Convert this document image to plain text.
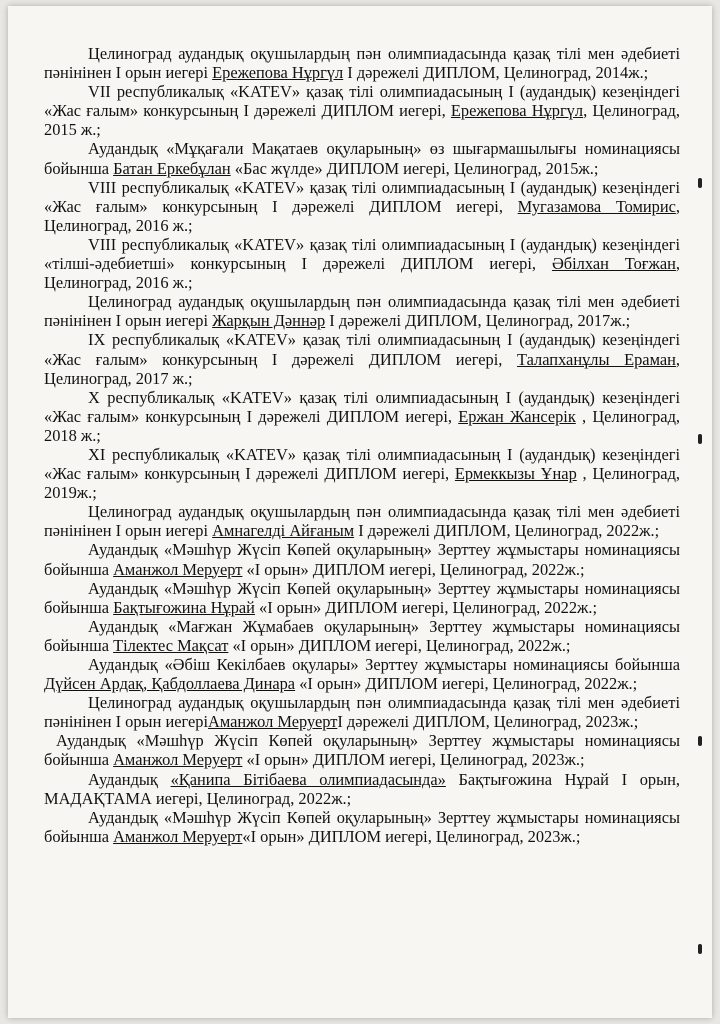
Целиноград аудандық оқушылардың пән олимпиадасында қазақ тілі мен әдебиеті пәнінінен І орын иегері Ережепова Нұргүл І дәрежелі ДИПЛОМ, Целиноград, 2014ж.;

VII республикалық «KATEV» қазақ тілі олимпиадасының І (аудандық) кезеңіндегі «Жас ғалым» конкурсының І дәрежелі ДИПЛОМ иегері, Ережепова Нұргүл, Целиноград, 2015 ж.;

Аудандық «Мұқағали Мақатаев оқуларының» өз шығармашылығы номинациясы бойынша Батан Еркебұлан «Бас жүлде» ДИПЛОМ иегері, Целиноград, 2015ж.;

VIII республикалық «KATEV» қазақ тілі олимпиадасының І (аудандық) кезеңіндегі «Жас ғалым» конкурсының І дәрежелі ДИПЛОМ иегері, Мугазамова Томирис, Целиноград, 2016 ж.;

VIII республикалық «KATEV» қазақ тілі олимпиадасының І (аудандық) кезеңіндегі «тілші-әдебиетші» конкурсының І дәрежелі ДИПЛОМ иегері, Әбілхан Тоғжан, Целиноград, 2016 ж.;

Целиноград аудандық оқушылардың пән олимпиадасында қазақ тілі мен әдебиеті пәнінінен І орын иегері Жарқын Дәннәр І дәрежелі ДИПЛОМ, Целиноград, 2017ж.;

IX республикалық «KATEV» қазақ тілі олимпиадасының І (аудандық) кезеңіндегі «Жас ғалым» конкурсының І дәрежелі ДИПЛОМ иегері, Талапханұлы Ераман, Целиноград, 2017 ж.;

X республикалық «KATEV» қазақ тілі олимпиадасының І (аудандық) кезеңіндегі «Жас ғалым» конкурсының І дәрежелі ДИПЛОМ иегері, Ержан Жансерік , Целиноград, 2018 ж.;

XI республикалық «KATEV» қазақ тілі олимпиадасының І (аудандық) кезеңіндегі «Жас ғалым» конкурсының І дәрежелі ДИПЛОМ иегері, Ермеккызы Ұнар , Целиноград, 2019ж.;

Целиноград аудандық оқушылардың пән олимпиадасында қазақ тілі мен әдебиеті пәнінінен І орын иегері Амнагелді Айғаным І дәрежелі ДИПЛОМ, Целиноград, 2022ж.;

Аудандық «Мәшһүр Жүсіп Көпей оқуларының» Зерттеу жұмыстары номинациясы бойынша Аманжол Меруерт «І орын» ДИПЛОМ иегері, Целиноград, 2022ж.;

Аудандық «Мәшһүр Жүсіп Көпей оқуларының» Зерттеу жұмыстары номинациясы бойынша Бақтығожина Нұрай «І орын» ДИПЛОМ иегері, Целиноград, 2022ж.;

Аудандық «Мағжан Жұмабаев оқуларының» Зерттеу жұмыстары номинациясы бойынша Тілектес Мақсат «І орын» ДИПЛОМ иегері, Целиноград, 2022ж.;

Аудандық «Әбіш Кекілбаев оқулары» Зерттеу жұмыстары номинациясы бойынша Дүйсен Ардақ, Қабдоллаева Динара «І орын» ДИПЛОМ иегері, Целиноград, 2022ж.;

Целиноград аудандық оқушылардың пән олимпиадасында қазақ тілі мен әдебиеті пәнінінен І орын иегеріАманжол МеруертІ дәрежелі ДИПЛОМ, Целиноград, 2023ж.;

Аудандық «Мәшһүр Жүсіп Көпей оқуларының» Зерттеу жұмыстары номинациясы бойынша Аманжол Меруерт «І орын» ДИПЛОМ иегері, Целиноград, 2023ж.;

Аудандық «Қанипа Бітібаева олимпиадасында» Бақтығожина Нұрай І орын, МАДАҚТАМА иегері, Целиноград, 2022ж.;

Аудандық «Мәшһүр Жүсіп Көпей оқуларының» Зерттеу жұмыстары номинациясы бойынша Аманжол Меруерт«І орын» ДИПЛОМ иегері, Целиноград, 2023ж.;
